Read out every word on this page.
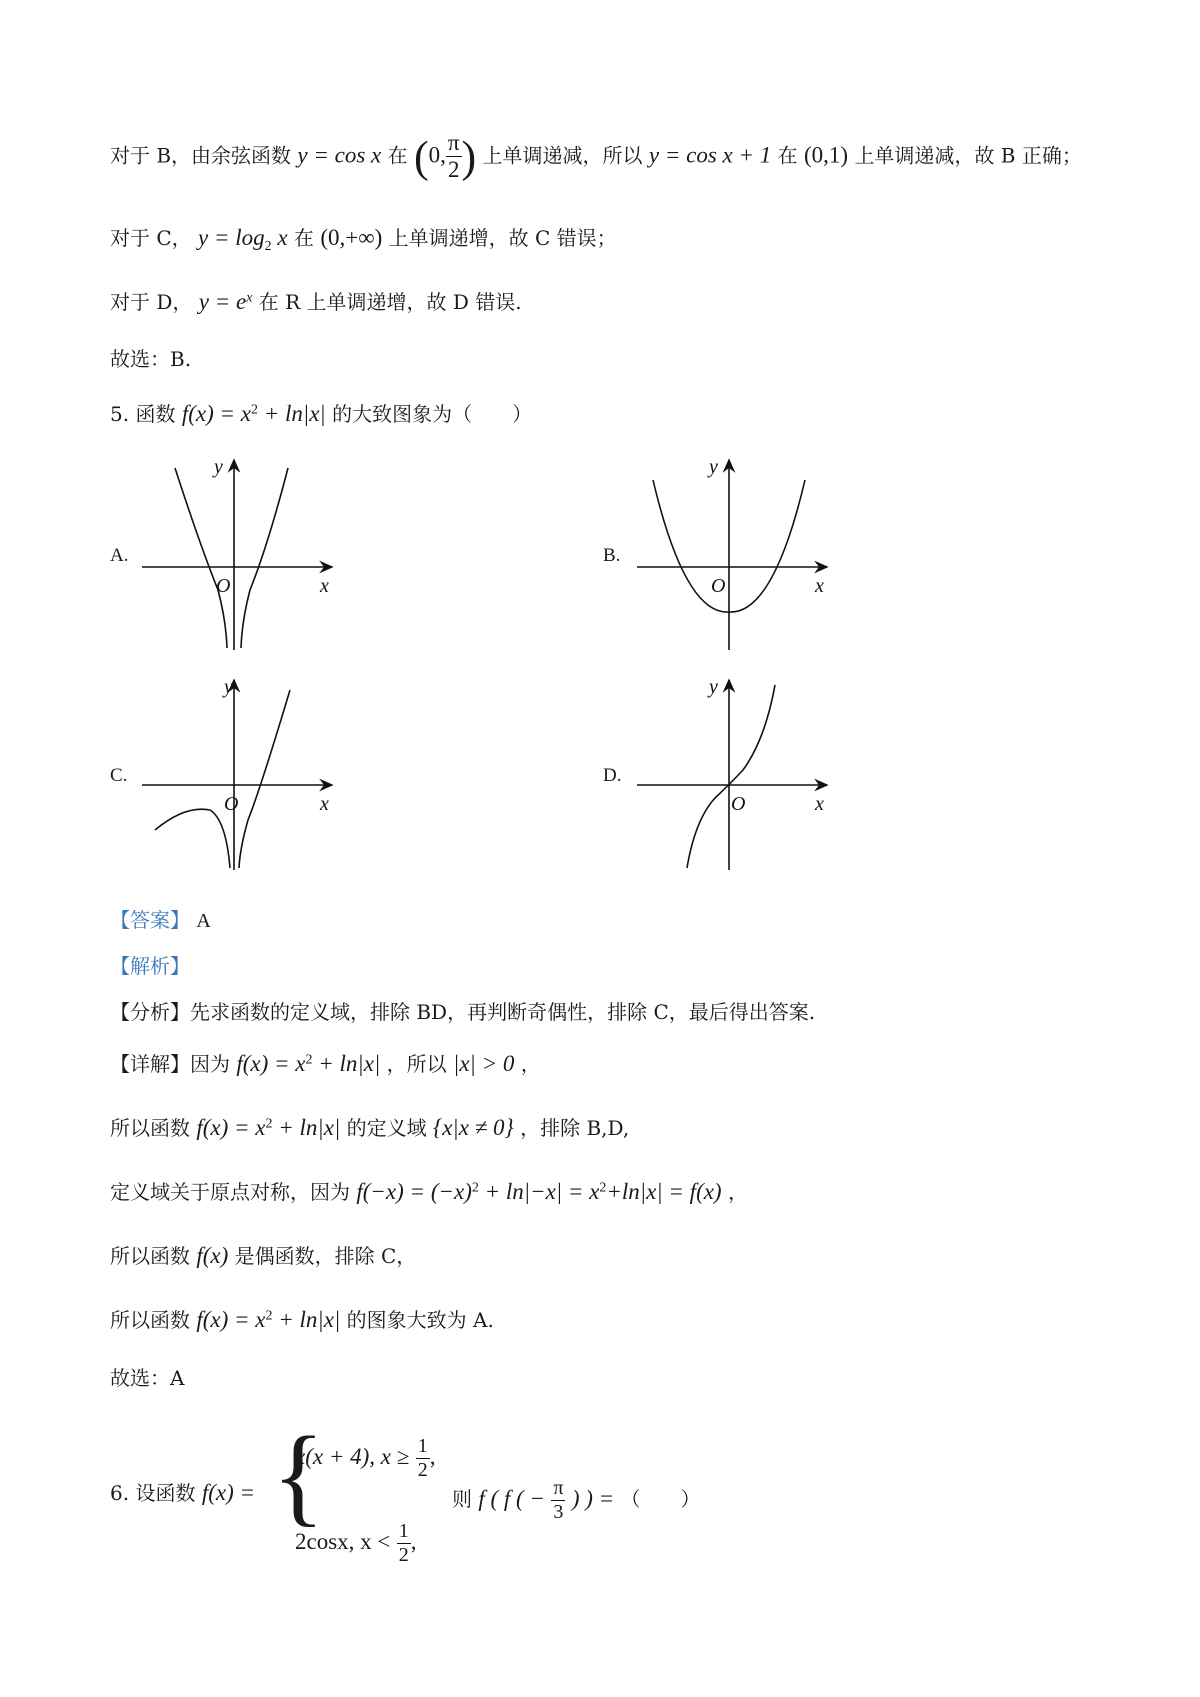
对于 B，由余弦函数 y = cos x 在 (0, $\frac{\pi}{2}$ ) 上单调递减，所以 y = cos x + 1 在 (0,1) 上单调递减，故 B 正确；
对于 C， $y = \log_2 x$ 在 (0,+∞) 上单调递增，故 C 错误；
对于 D， $y = e^x$ 在 R 上单调递增，故 D 错误.
故选：B.
5. 函数 $f(x) = x^2 + \ln|x|$ 的大致图象为（　　）
A.	B.
C.	D.
y
x
O
y
x
O
y
x
O
y
x
O
【答案】 A
【解析】
【分析】先求函数的定义域，排除 BD，再判断奇偶性，排除 C，最后得出答案.
【详解】因为 $f(x) = x^2 + \ln|x|$ ，所以 |x| > 0 ，
所以函数 $f(x) = x^2 + \ln|x|$ 的定义域 {x|x ≠ 0} ，排除 B,D,
定义域关于原点对称，因为 $f(-x) = (-x)^2 + \ln|-x| = x^2+\ln|x| = f(x)$ ，
所以函数 f(x) 是偶函数，排除 C，
所以函数 $f(x) = x^2 + \ln|x|$ 的图象大致为 A.
故选：A
6. 设函数 f(x) = {
x(x + 4), $x \ge \frac{1}{2}$ ,
2cosx, $x < \frac{1}{2}$ ,
则 f ( f ( − $\frac{\pi}{3}$ ) ) = （　　）
